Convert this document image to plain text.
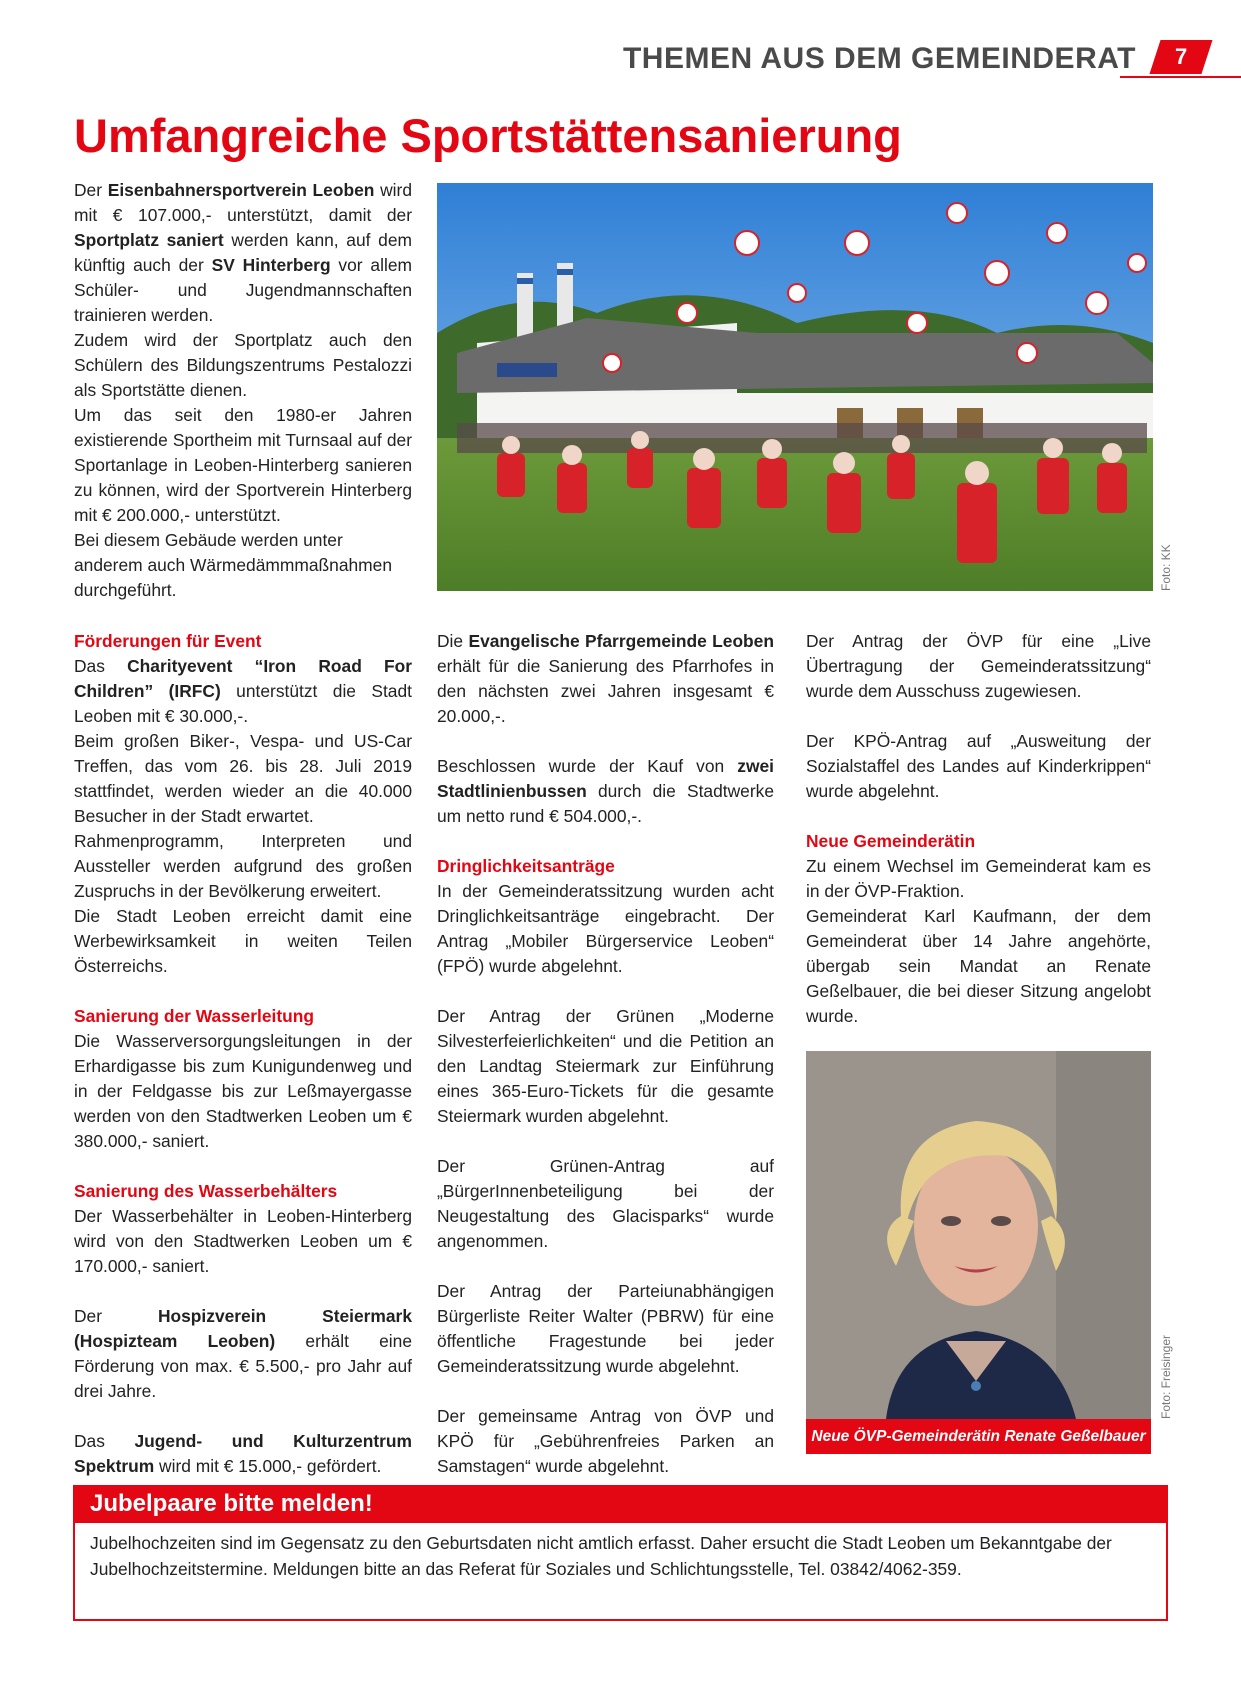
THEMEN AUS DEM GEMEINDERAT	7
Umfangreiche Sportstättensanierung

Der Eisenbahnersportverein Leoben wird mit € 107.000,- unterstützt, damit der Sportplatz saniert werden kann, auf dem künftig auch der SV Hinterberg vor allem Schüler- und Jugendmannschaften trainieren werden.

Zudem wird der Sportplatz auch den Schülern des Bildungszentrums Pestalozzi als Sportstätte dienen.

Um das seit den 1980-er Jahren existierende Sportheim mit Turnsaal auf der Sportanlage in Leoben-Hinterberg sanieren zu können, wird der Sportverein Hinterberg mit € 200.000,- unterstützt.

Bei diesem Gebäude werden unter anderem auch Wärmedämmmaßnahmen durchgeführt.	Foto: KK

Förderungen für Event

Das Charityevent “Iron Road For Children” (IRFC) unterstützt die Stadt Leoben mit € 30.000,-.

Beim großen Biker-, Vespa- und US-Car Treffen, das vom 26. bis 28. Juli 2019 stattfindet, werden wieder an die 40.000 Besucher in der Stadt erwartet.

Rahmenprogramm, Interpreten und Aussteller werden aufgrund des großen Zuspruchs in der Bevölkerung erweitert.

Die Stadt Leoben erreicht damit eine Werbewirksamkeit in weiten Teilen Österreichs.

Sanierung der Wasserleitung

Die Wasserversorgungsleitungen in der Erhardigasse bis zum Kunigundenweg und in der Feldgasse bis zur Leßmayergasse werden von den Stadtwerken Leoben um € 380.000,- saniert.

Sanierung des Wasserbehälters

Der Wasserbehälter in Leoben-Hinterberg wird von den Stadtwerken Leoben um € 170.000,- saniert.

Der Hospizverein Steiermark (Hospizteam Leoben) erhält eine Förderung von max. € 5.500,- pro Jahr auf drei Jahre.

Das Jugend- und Kulturzentrum Spektrum wird mit € 15.000,- gefördert.

Die Evangelische Pfarrgemeinde Leoben erhält für die Sanierung des Pfarrhofes in den nächsten zwei Jahren insgesamt € 20.000,-.

Beschlossen wurde der Kauf von zwei Stadtlinienbussen durch die Stadtwerke um netto rund € 504.000,-.

Dringlichkeitsanträge

In der Gemeinderatssitzung wurden acht Dringlichkeitsanträge eingebracht. Der Antrag „Mobiler Bürgerservice Leoben“ (FPÖ) wurde abgelehnt.

Der Antrag der Grünen „Moderne Silvesterfeierlichkeiten“ und die Petition an den Landtag Steiermark zur Einführung eines 365-Euro-Tickets für die gesamte Steiermark wurden abgelehnt.

Der Grünen-Antrag auf „BürgerInnenbeteiligung bei der Neugestaltung des Glacisparks“ wurde angenommen.

Der Antrag der Parteiunabhängigen Bürgerliste Reiter Walter (PBRW) für eine öffentliche Fragestunde bei jeder Gemeinderatssitzung wurde abgelehnt.

Der gemeinsame Antrag von ÖVP und KPÖ für „Gebührenfreies Parken an Samstagen“ wurde abgelehnt.

Der Antrag der ÖVP für eine „Live Übertragung der Gemeinderatssitzung“ wurde dem Ausschuss zugewiesen.

Der KPÖ-Antrag auf „Ausweitung der Sozialstaffel des Landes auf Kinderkrippen“ wurde abgelehnt.

Neue Gemeinderätin

Zu einem Wechsel im Gemeinderat kam es in der ÖVP-Fraktion.

Gemeinderat Karl Kaufmann, der dem Gemeinderat über 14 Jahre angehörte, übergab sein Mandat an Renate Geßelbauer, die bei dieser Sitzung angelobt wurde.

Foto: Freisinger
Neue ÖVP-Gemeinderätin Renate Geßelbauer
Jubelpaare bitte melden!
Jubelhochzeiten sind im Gegensatz zu den Geburtsdaten nicht amtlich erfasst. Daher ersucht die Stadt Leoben um Bekanntgabe der Jubelhochzeitstermine. Meldungen bitte an das Referat für Soziales und Schlichtungsstelle, Tel. 03842/4062-359.
